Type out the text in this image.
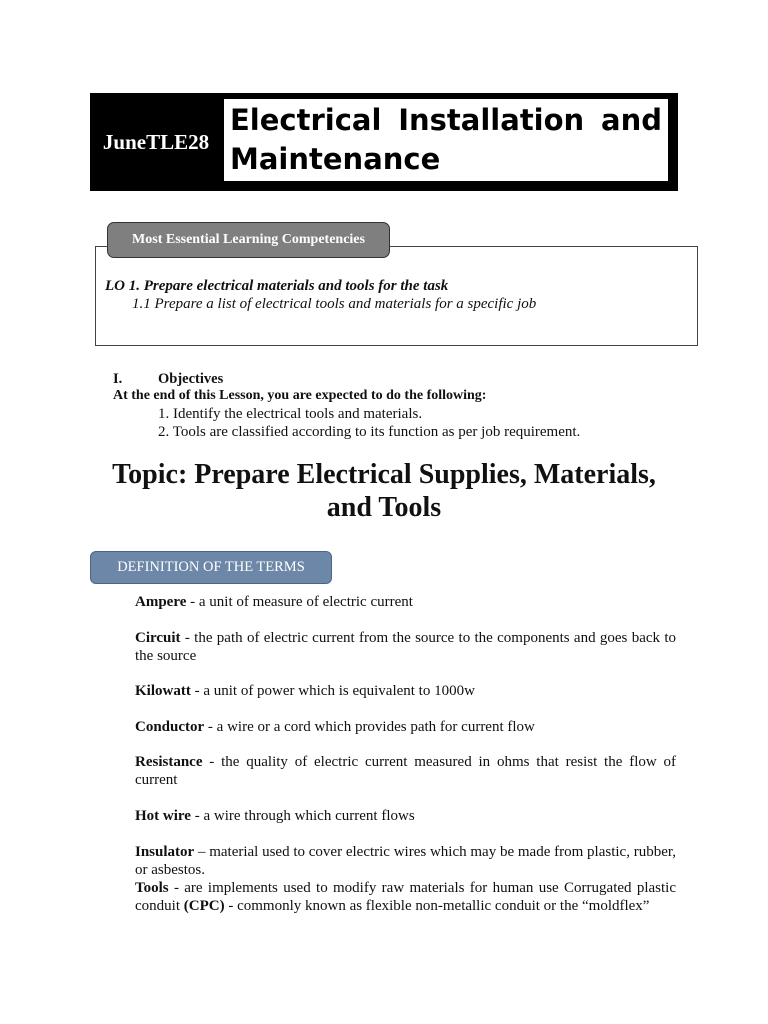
JuneTLE28
Electrical Installation and Maintenance
Most Essential Learning Competencies
LO 1. Prepare electrical materials and tools for the task
1.1 Prepare a list of electrical tools and materials for a specific job
I. Objectives
At the end of this Lesson, you are expected to do the following:
1. Identify the electrical tools and materials.
2. Tools are classified according to its function as per job requirement.
Topic: Prepare Electrical Supplies, Materials,
and Tools
DEFINITION OF THE TERMS
Ampere - a unit of measure of electric current
Circuit - the path of electric current from the source to the components and goes back to the source
Kilowatt - a unit of power which is equivalent to 1000w
Conductor - a wire or a cord which provides path for current flow
Resistance - the quality of electric current measured in ohms that resist the flow of current
Hot wire - a wire through which current flows
Insulator – material used to cover electric wires which may be made from plastic, rubber, or asbestos.
Tools - are implements used to modify raw materials for human use Corrugated plastic conduit (CPC) - commonly known as flexible non-metallic conduit or the “moldflex”
